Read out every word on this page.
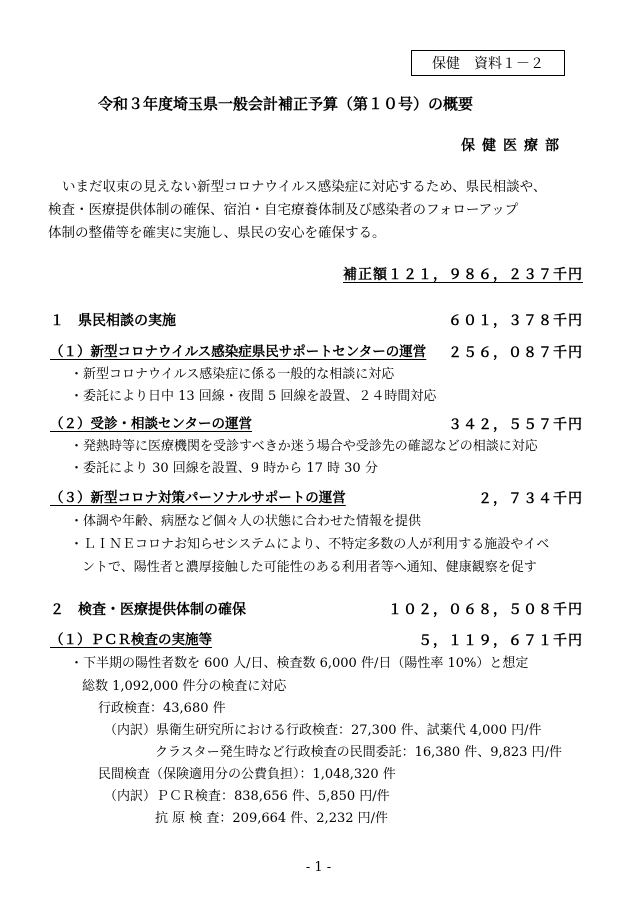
保健　資料１－２
令和３年度埼玉県一般会計補正予算（第１０号）の概要
保健医療部
いまだ収束の見えない新型コロナウイルス感染症に対応するため、県民相談や、
検査・医療提供体制の確保、宿泊・自宅療養体制及び感染者のフォローアップ
体制の整備等を確実に実施し、県民の安心を確保する。
補正額１２１，９８６，２３７千円
１　県民相談の実施	６０１，３７８千円
（１）新型コロナウイルス感染症県民サポートセンターの運営 ２５６，０８７千円
・新型コロナウイルス感染症に係る一般的な相談に対応
・委託により日中 13 回線・夜間 5 回線を設置、２４時間対応
（２）受診・相談センターの運営	３４２，５５７千円
・発熱時等に医療機関を受診すべきか迷う場合や受診先の確認などの相談に対応
・委託により 30 回線を設置、9 時から 17 時 30 分
（３）新型コロナ対策パーソナルサポートの運営	２，７３４千円
・体調や年齢、病歴など個々人の状態に合わせた情報を提供
・ＬＩＮＥコロナお知らせシステムにより、不特定多数の人が利用する施設やイベ
ントで、陽性者と濃厚接触した可能性のある利用者等へ通知、健康観察を促す
２　検査・医療提供体制の確保	１０２，０６８，５０８千円
（１）ＰＣＲ検査の実施等	５，１１９，６７１千円
・下半期の陽性者数を 600 人/日、検査数 6,000 件/日（陽性率 10%）と想定
総数 1,092,000 件分の検査に対応
行政検査：43,680 件
（内訳）県衛生研究所における行政検査：27,300 件、試薬代 4,000 円/件
クラスター発生時など行政検査の民間委託：16,380 件、9,823 円/件
民間検査（保険適用分の公費負担）：1,048,320 件
（内訳）ＰＣＲ検査：838,656 件、5,850 円/件
抗 原 検 査：209,664 件、2,232 円/件
- 1 -
